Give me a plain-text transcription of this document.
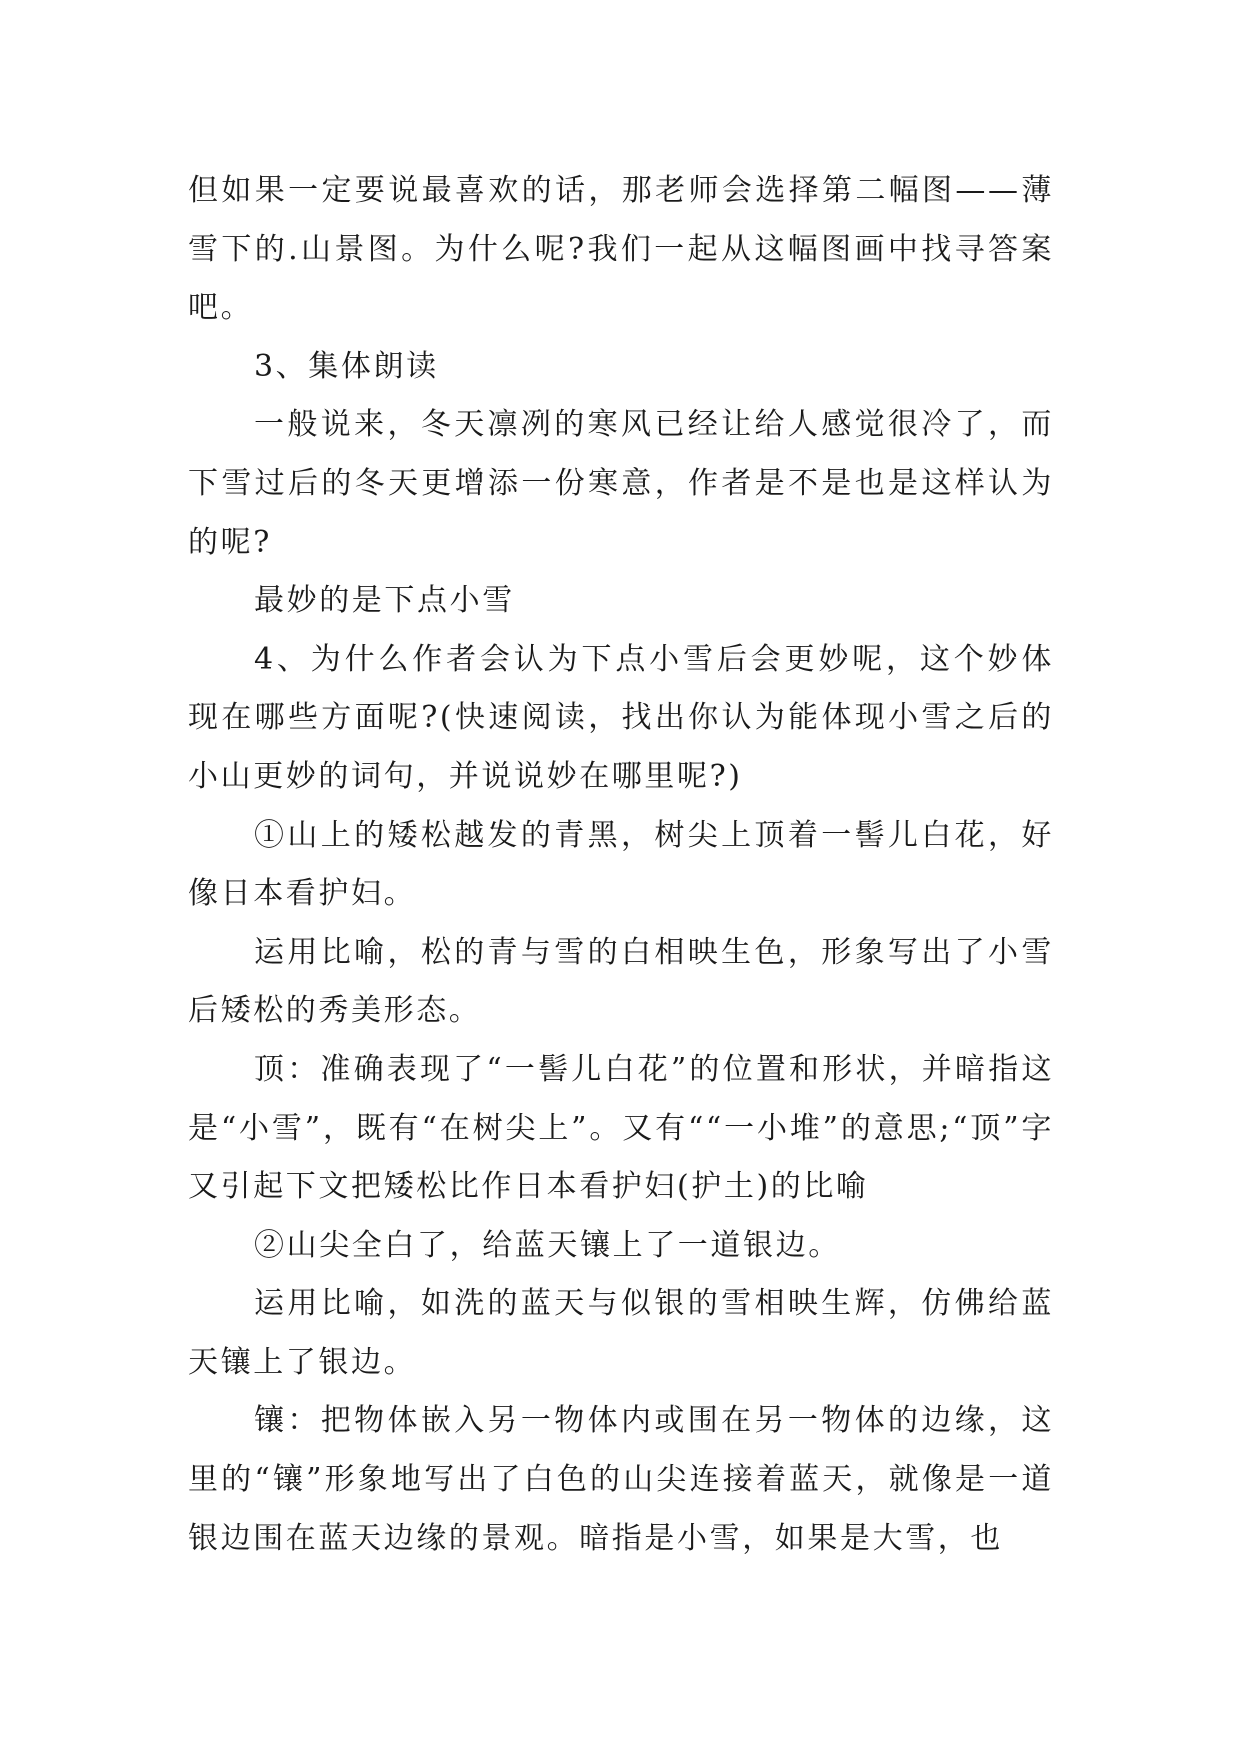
但如果一定要说最喜欢的话，那老师会选择第二幅图——薄雪下的.山景图。为什么呢?我们一起从这幅图画中找寻答案吧。

3、集体朗读

一般说来，冬天凛冽的寒风已经让给人感觉很冷了，而下雪过后的冬天更增添一份寒意，作者是不是也是这样认为的呢?

最妙的是下点小雪

4、为什么作者会认为下点小雪后会更妙呢，这个妙体现在哪些方面呢?(快速阅读，找出你认为能体现小雪之后的小山更妙的词句，并说说妙在哪里呢?)

①山上的矮松越发的青黑，树尖上顶着一髻儿白花，好像日本看护妇。

运用比喻，松的青与雪的白相映生色，形象写出了小雪后矮松的秀美形态。

顶：准确表现了“一髻儿白花”的位置和形状，并暗指这是“小雪”，既有“在树尖上”。又有““一小堆”的意思;“顶”字又引起下文把矮松比作日本看护妇(护土)的比喻

②山尖全白了，给蓝天镶上了一道银边。

运用比喻，如洗的蓝天与似银的雪相映生辉，仿佛给蓝天镶上了银边。

镶：把物体嵌入另一物体内或围在另一物体的边缘，这里的“镶”形象地写出了白色的山尖连接着蓝天，就像是一道银边围在蓝天边缘的景观。暗指是小雪，如果是大雪，也
